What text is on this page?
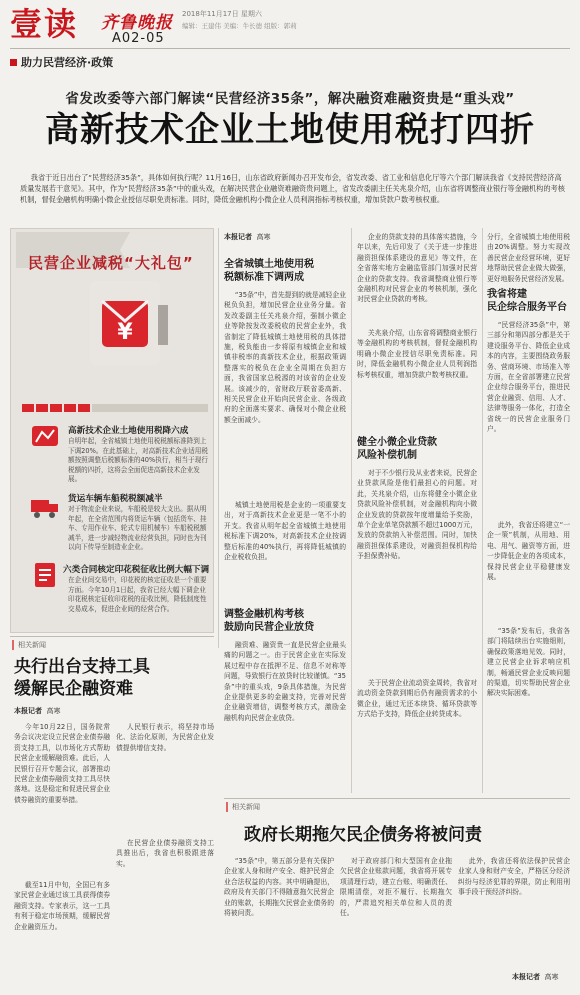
壹读 齐鲁晚报
A02-05
2018年11月17日 星期六
编辑：王建伟 美编：牛长德 组版：郭莉
助力民营经济·政策
省发改委等六部门解读“民营经济35条”，解决融资难融资贵是“重头戏”
高新技术企业土地使用税打四折
我省于近日出台了“民营经济35条”，具体如何执行呢？11月16日，山东省政府新闻办召开发布会，省发改委、省工业和信息化厅等六个部门解读我省《支持民营经济高质量发展若干意见》。其中，作为“民营经济35条”中的重头戏，在解决民营企业融资难融资贵问题上，省发改委副主任关兆泉介绍，山东省将调整商业银行等金融机构的考核机制，督促金融机构明确小微企业授信尽职免责标准。同时，降低金融机构小微企业人员利润指标考核权重，增加贷款户数考核权重。
民营企业减税“大礼包”
¥
高新技术企业土地使用税降六成
自明年起，全省城镇土地使用税税额标准降到上下调20%。在此基础上，对高新技术企业适用税额按照调整后税额标准的40%执行，相当于现行税额的四折，这将会全面促进高新技术企业发展。
货运车辆车船税税额减半
对于物流企业来说，车船税是较大支出。据从明年起，在全省范围内将货运车辆（包括货车、挂车、专用作业车、轮式专用机械车）车船税税额减半，进一步减轻物流业经营负担，同时也为刊以向下传导至制造业企业。
六类合同核定印花税征收比例大幅下调
在企业间交易中，印花税的核定征收是一个重要方面。今年10月1日起，我省已经大幅下调企业印花税核定征收印花税的征收比例，降低制度性交易成本，促进企业间的经营合作。
本报记者 高寒
全省城镇土地使用税
税额标准下调两成
“35条”中，首先提到的就是减轻企业税负负担，增加民营企业业务分量。省发改委副主任关兆泉介绍，强制小微企业等除按发改委税收的民营企业外，我省制定了降低城镇土地使用税的具体措施，税负能由一步将原有城镇企业和城镇非税率的高新技术企业，根据政策调整落实的税负在企业全周期在负担方面，我省国家总税源的对该省的企业发展。该减少的，省财政厅联省委高新、相关民营企业开始向民营企业、各级政府的全面落实要求、确保对小微企业税额全面减少。
城镇土地使用税是企业的一项重要支出，对于高新技术企业更是一笔不小的开支。我省从明年起全省城镇土地使用税标准下调20%，对高新技术企业按调整后标准的40%执行，再将降低城镇的企业税收负担。
调整金融机构考核
鼓励向民营企业放贷
融资难、融资贵一直是民营企业最头痛的问题之一。由于民营企业在实际发展过程中存在抵押不足、信息不对称等问题，导致银行在放贷时比较谨慎。“35条”中的重头戏，9条具体措施，为民营企业提供更多的金融支持，完善对民营企业融资增信，调整考核方式，激励金融机构向民营企业放贷。
企业的贷款支持的具体落实措施，今年以来，先后印发了《关于进一步推进融资担保体系建设的意见》等文件，在全省落实地方金融监管部门加强对民营企业的贷款支持。我省调整商业银行等金融机构对民营企业的考核机制，强化对民营企业贷款的考核。
关兆泉介绍，山东省将调整商业银行等金融机构的考核机制，督促金融机构明确小微企业授信尽职免责标准。同时，降低金融机构小微企业人员利润指标考核权重，增加贷款户数考核权重。
健全小微企业贷款
风险补偿机制
对于不少银行及从业者来说，民营企业贷款风险是他们最担心的问题。对此，关兆泉介绍，山东将健全小微企业贷款风险补偿机制，对金融机构向小微企业发放的贷款按年度增量给予奖励，单个企业单笔贷款额不超过1000万元，发放的贷款纳入补偿范围。同时，加快融资担保体系建设，对融资担保机构给予担保费补贴。
关于民营企业流动资金周转，我省对流动资金贷款到期后仍有融资需求的小微企业，通过无还本续贷、循环贷款等方式给予支持，降低企业转贷成本。
分行，全省城镇土地使用税由20%调整。努力实现改善民营企业经营环境，更好地帮助民营企业做大做强，更好地服务民营经济发展。
我省将建
民企综合服务平台
“民营经济35条”中，第三部分和第四部分都是关于建设服务平台、降低企业成本的内容，主要围绕政务服务、营商环境、市场准入等方面，在全省部署建立民营企业综合服务平台，推进民营企业融资、信用、人才、法律等服务一体化，打造全省统一的民营企业服务门户。
此外，我省还将建立“一企一策”机制，从用地、用电、用气、融资等方面，进一步降低企业的各项成本，保持民营企业平稳健康发展。
“35条”发布后，我省各部门将陆续出台实施细则，确保政策落地见效。同时，建立民营企业诉求响应机制，畅通民营企业反映问题的渠道，切实帮助民营企业解决实际困难。
相关新闻
央行出台支持工具
缓解民企融资难
本报记者 高寒
今年10月22日，国务院常务会议决定设立民营企业债券融资支持工具，以市场化方式帮助民营企业缓解融资难。此后，人民银行召开专题会议，部署推动民营企业债券融资支持工具尽快落地。这是稳定和促进民营企业债券融资的重要举措。
截至11月中旬，全国已有多家民营企业通过该工具获得债券融资支持。专家表示，这一工具有利于稳定市场预期，缓解民营企业融资压力。
人民银行表示，将坚持市场化、法治化原则，为民营企业发债提供增信支持。
在民营企业债券融资支持工具推出后，我省也积极跟进落实。
相关新闻
政府长期拖欠民企债务将被问责
“35条”中，第五部分是有关保护企业家人身和财产安全、维护民营企业合法权益的内容。其中明确提出，政府及有关部门不得随意拖欠民营企业的账款，长期拖欠民营企业债务的将被问责。
对于政府部门和大型国有企业拖欠民营企业账款问题，我省将开展专项清理行动，建立台账、明确责任、限期清偿，对拒不履行、长期拖欠的，严肃追究相关单位和人员的责任。
此外，我省还将依法保护民营企业家人身和财产安全，严格区分经济纠纷与经济犯罪的界限，防止利用刑事手段干预经济纠纷。
本报记者 高寒
